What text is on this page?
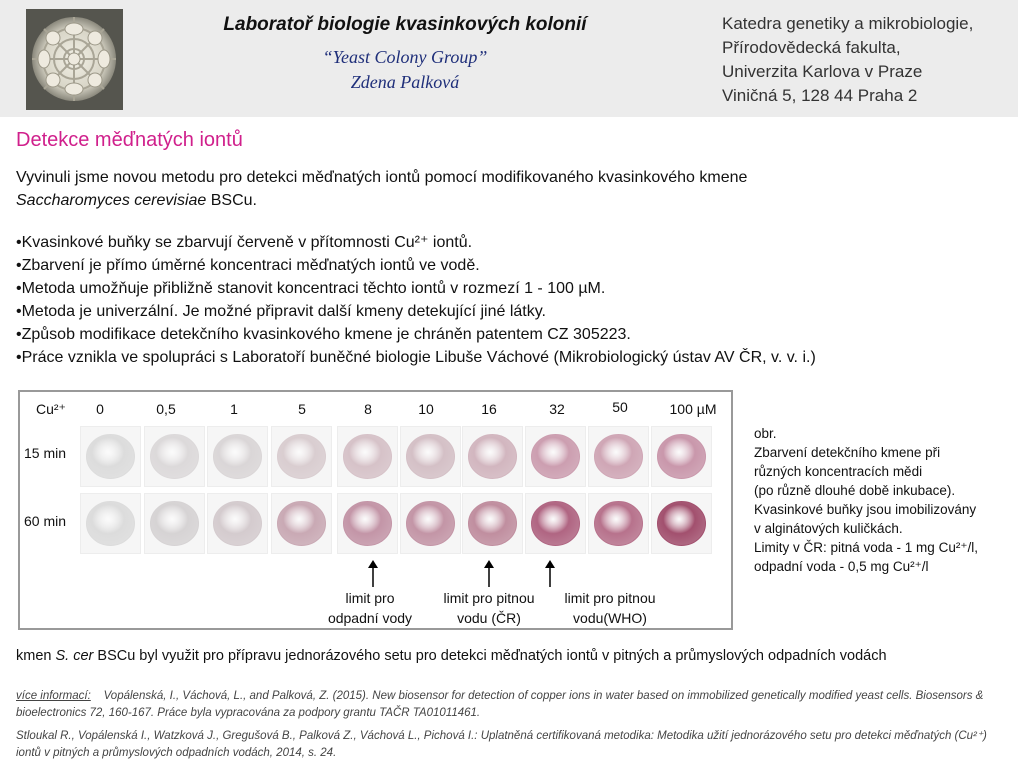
Laboratoř biologie kvasinkových kolonií
“Yeast Colony Group”
Zdena Palková
Katedra genetiky a mikrobiologie,
Přírodovědecká fakulta,
Univerzita Karlova v Praze
Viničná 5, 128 44 Praha 2
Detekce měďnatých iontů
Vyvinuli jsme novou metodu pro detekci měďnatých iontů pomocí modifikovaného kvasinkového kmene
Saccharomyces cerevisiae BSCu.
•Kvasinkové buňky se zbarvují červeně v přítomnosti Cu²⁺ iontů.
•Zbarvení je přímo úměrné koncentraci měďnatých iontů ve vodě.
•Metoda umožňuje přibližně stanovit koncentraci těchto iontů v rozmezí 1 - 100 µM.
•Metoda je univerzální. Je možné připravit další kmeny detekující jiné látky.
•Způsob modifikace detekčního kvasinkového kmene je chráněn patentem CZ 305223.
•Práce vznikla ve spolupráci s Laboratoří buněčné biologie Libuše Váchové (Mikrobiologický ústav AV ČR, v. v. i.)
Cu²⁺	0	0,5	1	5	8	10	16	32	50	100 µM
15 min
60 min
limit pro
odpadní vody
limit pro pitnou
vodu (ČR)
limit pro pitnou
vodu(WHO)
obr.
Zbarvení detekčního kmene při
různých koncentracích mědi
(po různě dlouhé době inkubace).
Kvasinkové buňky jsou imobilizovány
v alginátových kuličkách.
Limity v ČR: pitná voda - 1 mg Cu²⁺/l,
odpadní voda - 0,5 mg Cu²⁺/l
kmen S. cer BSCu byl využit pro přípravu jednorázového setu pro detekci měďnatých iontů v pitných a průmyslových odpadních vodách
více informací: Vopálenská, I., Váchová, L., and Palková, Z. (2015). New biosensor for detection of copper ions in water based on immobilized genetically modified yeast cells. Biosensors & bioelectronics 72, 160-167. Práce byla vypracována za podpory grantu TAČR TA01011461.
Stloukal R., Vopálenská I., Watzková J., Gregušová B., Palková Z., Váchová L., Pichová I.: Uplatněná certifikovaná metodika: Metodika užití jednorázového setu pro detekci měďnatých (Cu²⁺) iontů v pitných a průmyslových odpadních vodách, 2014, s. 24.
